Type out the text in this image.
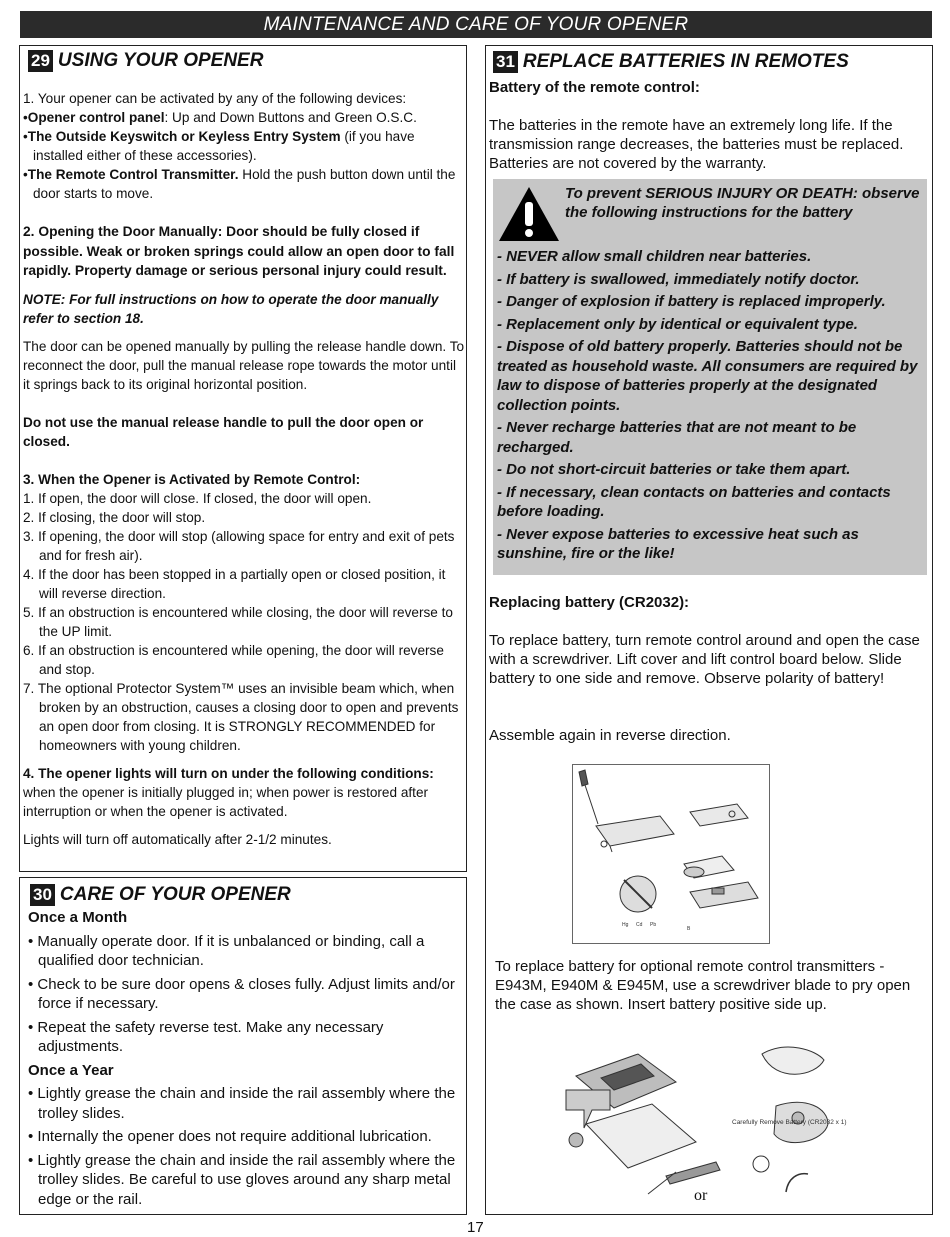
MAINTENANCE AND CARE OF YOUR OPENER
29 USING YOUR OPENER

1. Your opener can be activated by any of the following devices:

•Opener control panel: Up and Down Buttons and Green O.S.C.

•The Outside Keyswitch or Keyless Entry System (if you have installed either of these accessories).

•The Remote Control Transmitter. Hold the push button down until the door starts to move.

2. Opening the Door Manually: Door should be fully closed if possible. Weak or broken springs could allow an open door to fall rapidly. Property damage or serious personal injury could result.

NOTE: For full instructions on how to operate the door manually refer to section 18.

The door can be opened manually by pulling the release handle down. To reconnect the door, pull the manual release rope towards the motor until it springs back to its original horizontal position.

Do not use the manual release handle to pull the door open or closed.

3. When the Opener is Activated by Remote Control:

1. If open, the door will close. If closed, the door will open.

2. If closing, the door will stop.

3. If opening, the door will stop (allowing space for entry and exit of pets and for fresh air).

4. If the door has been stopped in a partially open or closed position, it will reverse direction.

5. If an obstruction is encountered while closing, the door will reverse to the UP limit.

6. If an obstruction is encountered while opening, the door will reverse and stop.

7. The optional Protector System™ uses an invisible beam which, when broken by an obstruction, causes a closing door to open and prevents an open door from closing. It is STRONGLY RECOMMENDED for homeowners with young children.

4. The opener lights will turn on under the following conditions:

when the opener is initially plugged in; when power is restored after interruption or when the opener is activated.

Lights will turn off automatically after 2-1/2 minutes.

30 CARE OF YOUR OPENER

Once a Month

• Manually operate door. If it is unbalanced or binding, call a qualified door technician.

• Check to be sure door opens & closes fully. Adjust limits and/or force if necessary.

• Repeat the safety reverse test. Make any necessary adjustments.

Once a Year

• Lightly grease the chain and inside the rail assembly where the trolley slides.

• Internally the opener does not require additional lubrication.

• Lightly grease the chain and inside the rail assembly where the trolley slides. Be careful to use gloves around any sharp metal edge or the rail.

31 REPLACE BATTERIES IN REMOTES

Battery of the remote control:

The batteries in the remote have an extremely long life. If the transmission range decreases, the batteries must be replaced. Batteries are not covered by the warranty.

To prevent SERIOUS INJURY OR DEATH: observe the following instructions for the battery

- NEVER allow small children near batteries.

- If battery is swallowed, immediately notify doctor.

- Danger of explosion if battery is replaced improperly.

- Replacement only by identical or equivalent type.

- Dispose of old battery properly. Batteries should not be treated as household waste. All consumers are required by law to dispose of batteries properly at the designated collection points.

- Never recharge batteries that are not meant to be recharged.

- Do not short-circuit batteries or take them apart.

- If necessary, clean contacts on batteries and contacts before loading.

- Never expose batteries to excessive heat such as sunshine, fire or the like!

Replacing battery (CR2032):

To replace battery, turn remote control around and open the case with a screwdriver. Lift cover and lift control board below. Slide battery to one side and remove. Observe polarity of battery!

Assemble again in reverse direction.

Hg Cd Pb
B

To replace battery for optional remote control transmitters - E943M, E940M & E945M, use a screwdriver blade to pry open the case as shown. Insert battery positive side up.

Carefully Remove Battery (CR2032 x 1)
or
17
